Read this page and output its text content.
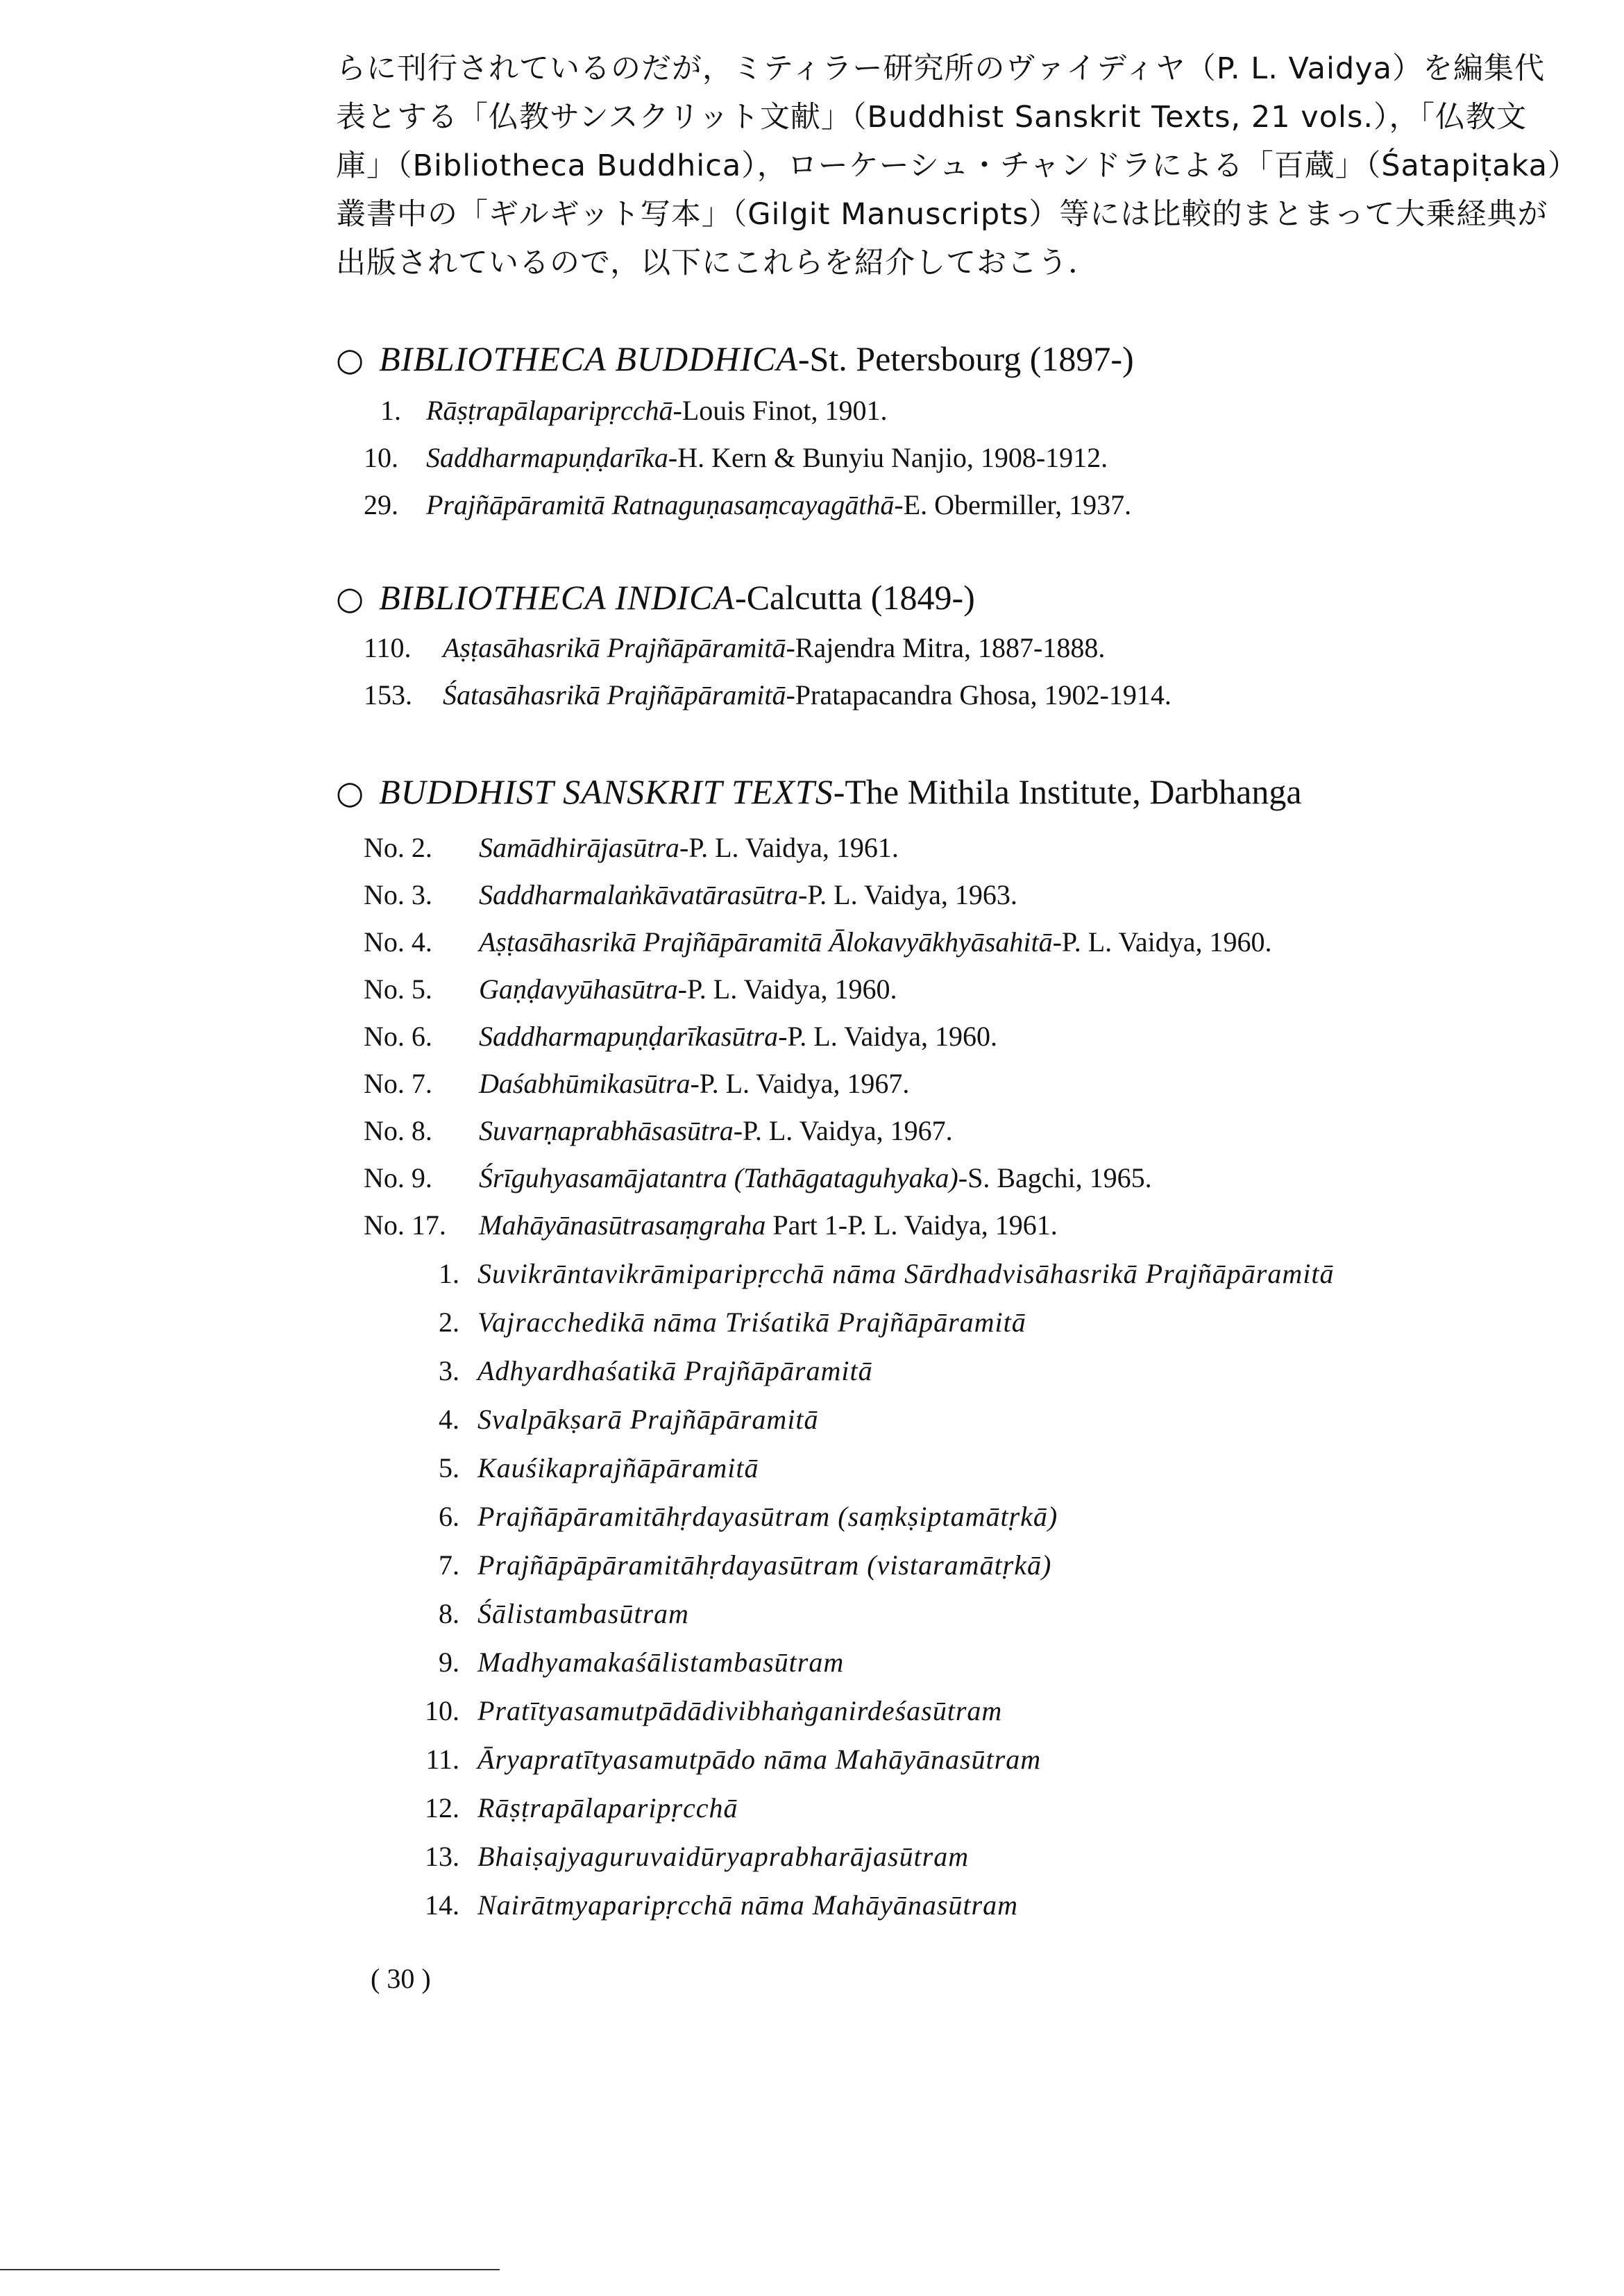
らに刊行されているのだが，ミティラー研究所のヴァイディヤ（P. L. Vaidya）を編集代
表とする「仏教サンスクリット文献」（Buddhist Sanskrit Texts, 21 vols.），「仏教文
庫」（Bibliotheca Buddhica），ローケーシュ・チャンドラによる「百蔵」（Śatapiṭaka）
叢書中の「ギルギット写本」（Gilgit Manuscripts）等には比較的まとまって大乗経典が
出版されているので，以下にこれらを紹介しておこう．
○ BIBLIOTHECA BUDDHICA-St. Petersbourg (1897-)
1. Rāṣṭrapālaparipṛcchā-Louis Finot, 1901.
10. Saddharmapuṇḍarīka-H. Kern & Bunyiu Nanjio, 1908-1912.
29. Prajñāpāramitā Ratnaguṇasaṃcayagāthā-E. Obermiller, 1937.
○ BIBLIOTHECA INDICA-Calcutta (1849-)
110. Aṣṭasāhasrikā Prajñāpāramitā-Rajendra Mitra, 1887-1888.
153. Śatasāhasrikā Prajñāpāramitā-Pratapacandra Ghosa, 1902-1914.
○ BUDDHIST SANSKRIT TEXTS-The Mithila Institute, Darbhanga
No. 2. Samādhirājasūtra-P. L. Vaidya, 1961.
No. 3. Saddharmalaṅkāvatārasūtra-P. L. Vaidya, 1963.
No. 4. Aṣṭasāhasrikā Prajñāpāramitā Ālokavyākhyāsahitā-P. L. Vaidya, 1960.
No. 5. Gaṇḍavyūhasūtra-P. L. Vaidya, 1960.
No. 6. Saddharmapuṇḍarīkasūtra-P. L. Vaidya, 1960.
No. 7. Daśabhūmikasūtra-P. L. Vaidya, 1967.
No. 8. Suvarṇaprabhāsasūtra-P. L. Vaidya, 1967.
No. 9. Śrīguhyasamājatantra (Tathāgataguhyaka)-S. Bagchi, 1965.
No. 17. Mahāyānasūtrasaṃgraha Part 1-P. L. Vaidya, 1961.
1. Suvikrāntavikrāmiparipṛcchā nāma Sārdhadvisāhasrikā Prajñāpāramitā
2. Vajracchedikā nāma Triśatikā Prajñāpāramitā
3. Adhyardhaśatikā Prajñāpāramitā
4. Svalpākṣarā Prajñāpāramitā
5. Kauśikaprajñāpāramitā
6. Prajñāpāramitāhṛdayasūtram (saṃkṣiptamātṛkā)
7. Prajñāpāpāramitāhṛdayasūtram (vistaramātṛkā)
8. Śālistambasūtram
9. Madhyamakaśālistambasūtram
10. Pratītyasamutpādādivibhaṅganirdeśasūtram
11. Āryapratītyasamutpādo nāma Mahāyānasūtram
12. Rāṣṭrapālaparipṛcchā
13. Bhaiṣajyaguruvaidūryaprabharājasūtram
14. Nairātmyaparipṛcchā nāma Mahāyānasūtram
( 30 )
